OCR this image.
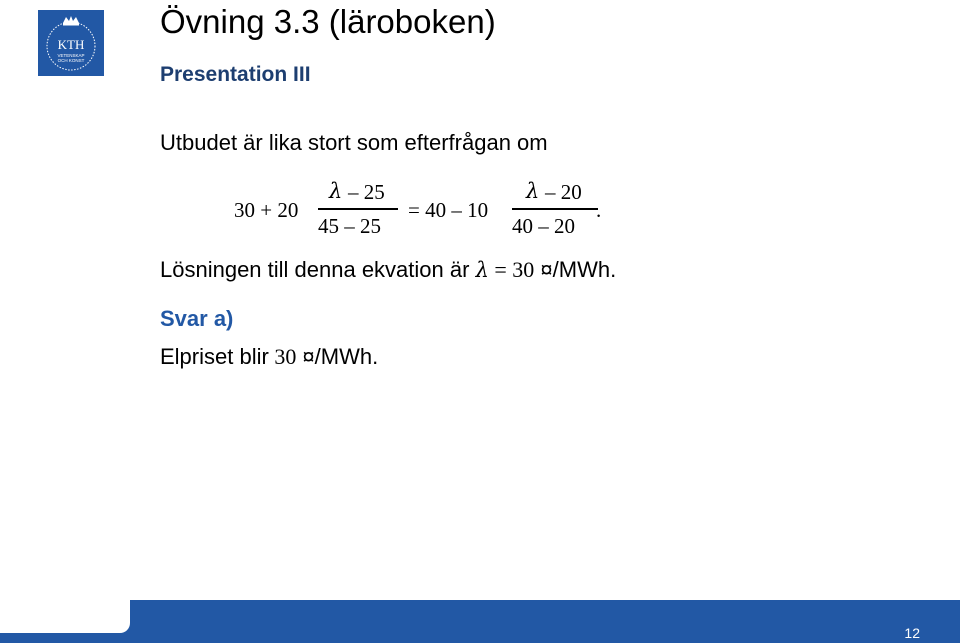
KTH
VETENSKAP
OCH KONST
Övning 3.3 (läroboken)
Presentation III
Utbudet är lika stort som efterfrågan om
30 + 20
λ – 25
45 – 25
= 40 – 10
λ – 20
40 – 20
.
Lösningen till denna ekvation är λ = 30 ¤/MWh.
Svar a)
Elpriset blir 30 ¤/MWh.
12
